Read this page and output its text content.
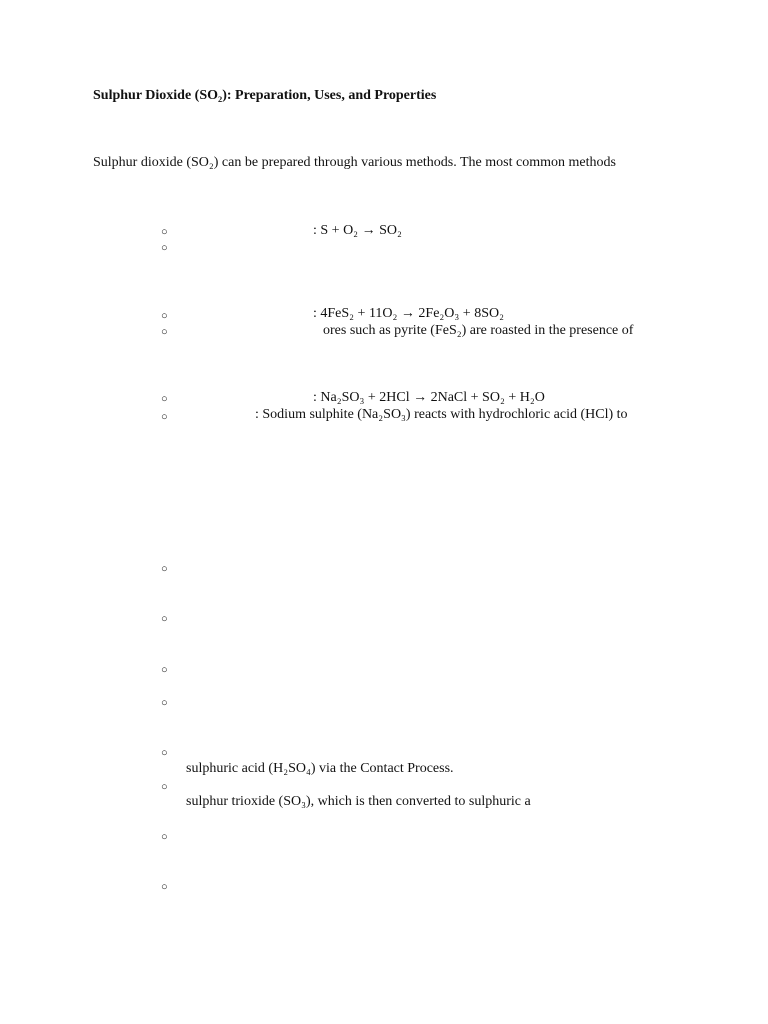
Sulphur Dioxide (SO₂): Preparation, Uses, and Properties
Sulphur dioxide (SO₂) can be prepared through various methods. The most common methods
○	: S + O₂ → SO₂
○
○	: 4FeS₂ + 11O₂ → 2Fe₂O₃ + 8SO₂
○	ores such as pyrite (FeS₂) are roasted in the presence of
○	: Na₂SO₃ + 2HCl → 2NaCl + SO₂ + H₂O
○	: Sodium sulphite (Na₂SO₃) reacts with hydrochloric acid (HCl) to
○
○
○
○
○
sulphuric acid (H₂SO₄) via the Contact Process.
○
sulphur trioxide (SO₃), which is then converted to sulphuric a
○
○
